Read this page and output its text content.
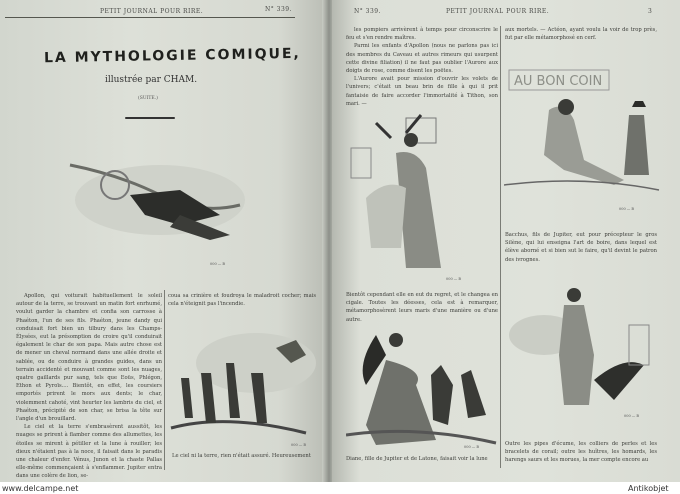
PETIT JOURNAL POUR RIRE.	N° 339.
LA MYTHOLOGIE COMIQUE,
illustrée par CHAM.
(SUITE.)
000 — B

Apollon, qui voiturait habituellement le soleil autour de la terre, se trouvant un matin fort enrhumé, voulut garder la chambre et confia son carrosse à Phaéton, l'un de ses fils. Phaéton, jeune dandy qui conduisait fort bien un tilbury dans les Champs-Élysées, eut la présomption de croire qu'il conduirait également le char de son papa. Mais autre chose est de mener un cheval normand dans une allée droite et sablée, ou de conduire à grandes guides, dans un terrain accidenté et mouvant comme sont les nuages, quatre gaillards pur sang, tels que Eoüs, Phlégon, Ethon et Pyroïs.... Bientôt, en effet, les coursiers emportés prirent le mors aux dents; le char, violemment cahoté, vint heurter les lambris du ciel, et Phaéton, précipité de son char, se brisa la tête sur l'angle d'un brouillard.

Le ciel et la terre s'embrasèrent aussitôt, les nuages se prirent à flamber comme des allumettes, les étoiles se mirent à pétiller et la lune à rouiller; les dieux n'étaient pas à la noce, il faisait dans le paradis une chaleur d'enfer. Vénus, Junon et la chaste Pallas elle-même commençaient à s'enflammer. Jupiter entra dans une colère de lion, se-

coua sa crinière et foudroya le maladroit cocher; mais cela n'éteignit pas l'incendie.
000 — B
Le ciel ni la terre, rien n'était assuré. Heureusement
N° 339.	PETIT JOURNAL POUR RIRE.	3

les pompiers arrivèrent à temps pour circonscrire le feu et s'en rendre maîtres.

Parmi les enfants d'Apollon (nous ne parlons pas ici des membres du Caveau et autres rimeurs qui usurpent cette divine filiation) il ne faut pas oublier l'Aurore aux doigts de rose, comme disent les poëtes.

L'Aurore avait pour mission d'ouvrir les volets de l'univers; c'était un beau brin de fille à qui il prit fantaisie de faire accorder l'immortalité à Tithon, son mari. —

000 — B
Bientôt cependant elle en eut du regret, et le changea en cigale. Toutes les déesses, cela est à remarquer, métamorphosèrent leurs maris d'une manière ou d'une autre.
000 — B
Diane, fille de Jupiter et de Latone, faisait voir la lune
aux mortels. — Actéon, ayant voulu la voir de trop près, fut par elle métamorphosé en cerf.
AU BON COIN
000 — B
Bacchus, fils de Jupiter, eut pour précepteur le gros Silène, qui lui enseigna l'art de boire, dans lequel est élève aborné et si bien sut le faire, qu'il devint le patron des ivrognes.
000 — B
Outre les pipes d'écume, les colliers de perles et les bracelets de corail; outre les huîtres, les homards, les harengs saurs et les morues, la mer compte encore au
www.delcampe.net	Antikobjet
